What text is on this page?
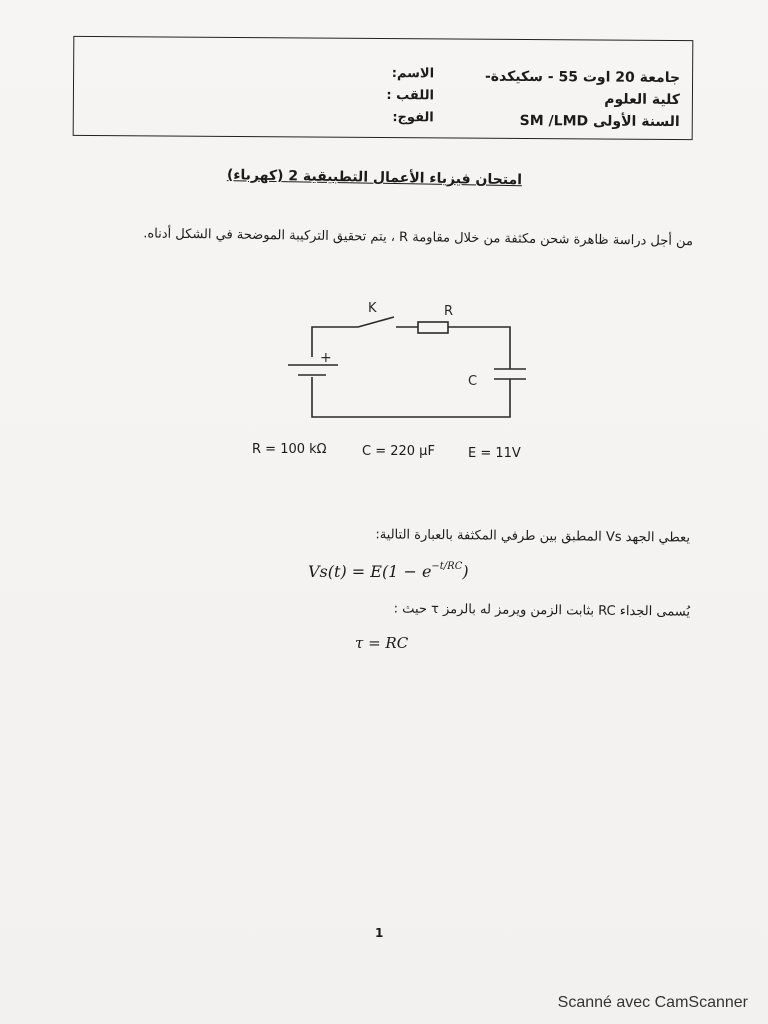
جامعة 20 اوت 55 - سكيكدة-
كلية العلوم
السنة الأولى SM /LMD
الاسم:
اللقب :
الفوج:
امتحان فيزياء الأعمال التطبيقية 2 (كهرباء)
من أجل دراسة ظاهرة شحن مكثفة من خلال مقاومة R ، يتم تحقيق التركيبة الموضحة في الشكل أدناه.
K	R
C
+
R = 100 kΩ	C = 220 µF	E = 11V
يعطي الجهد Vs المطبق بين طرفي المكثفة بالعبارة التالية:
$Vs(t) = E(1 - e^{-t/RC})$
يُسمى الجداء RC بثابت الزمن ويرمز له بالرمز τ حيث :
τ = RC
1
Scanné avec CamScanner
